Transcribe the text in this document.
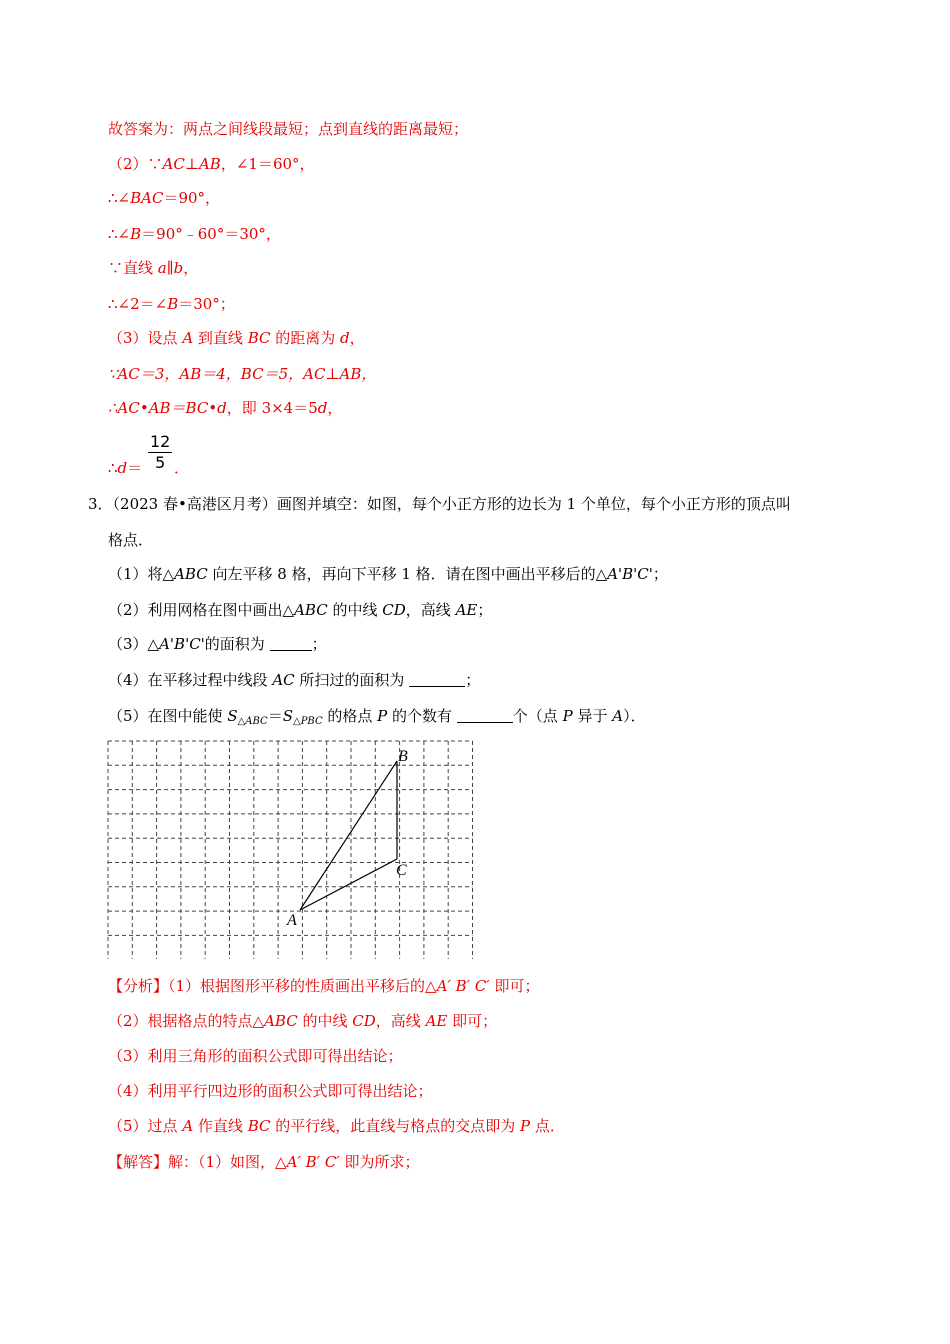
故答案为：两点之间线段最短；点到直线的距离最短；
（2）∵AC⊥AB，∠1＝60°，
∴∠BAC＝90°，
∴∠B＝90°﹣60°＝30°，
∵直线 a∥b，
∴∠2＝∠B＝30°；
（3）设点 A 到直线 BC 的距离为 d，
∵AC＝3，AB＝4，BC＝5，AC⊥AB，
∴AC•AB＝BC•d，即 3×4＝5d，
∴d＝ $\frac{12}{5}$ ．
3．（2023 春•高港区月考）画图并填空：如图，每个小正方形的边长为 1 个单位，每个小正方形的顶点叫
格点．
（1）将△ABC 向左平移 8 格，再向下平移 1 格．请在图中画出平移后的△A'B'C'；
（2）利用网格在图中画出△ABC 的中线 CD，高线 AE；
（3）△A'B'C'的面积为	；
（4）在平移过程中线段 AC 所扫过的面积为	；
（5）在图中能使 $S_{\triangle ABC}=S_{\triangle PBC}$ 的格点 P 的个数有	个（点 P 异于 A）．
A
B
C
【分析】（1）根据图形平移的性质画出平移后的△A′ B′ C′ 即可；
（2）根据格点的特点△ABC 的中线 CD，高线 AE 即可；
（3）利用三角形的面积公式即可得出结论；
（4）利用平行四边形的面积公式即可得出结论；
（5）过点 A 作直线 BC 的平行线，此直线与格点的交点即为 P 点．
【解答】解：（1）如图，△A′ B′ C′ 即为所求；
